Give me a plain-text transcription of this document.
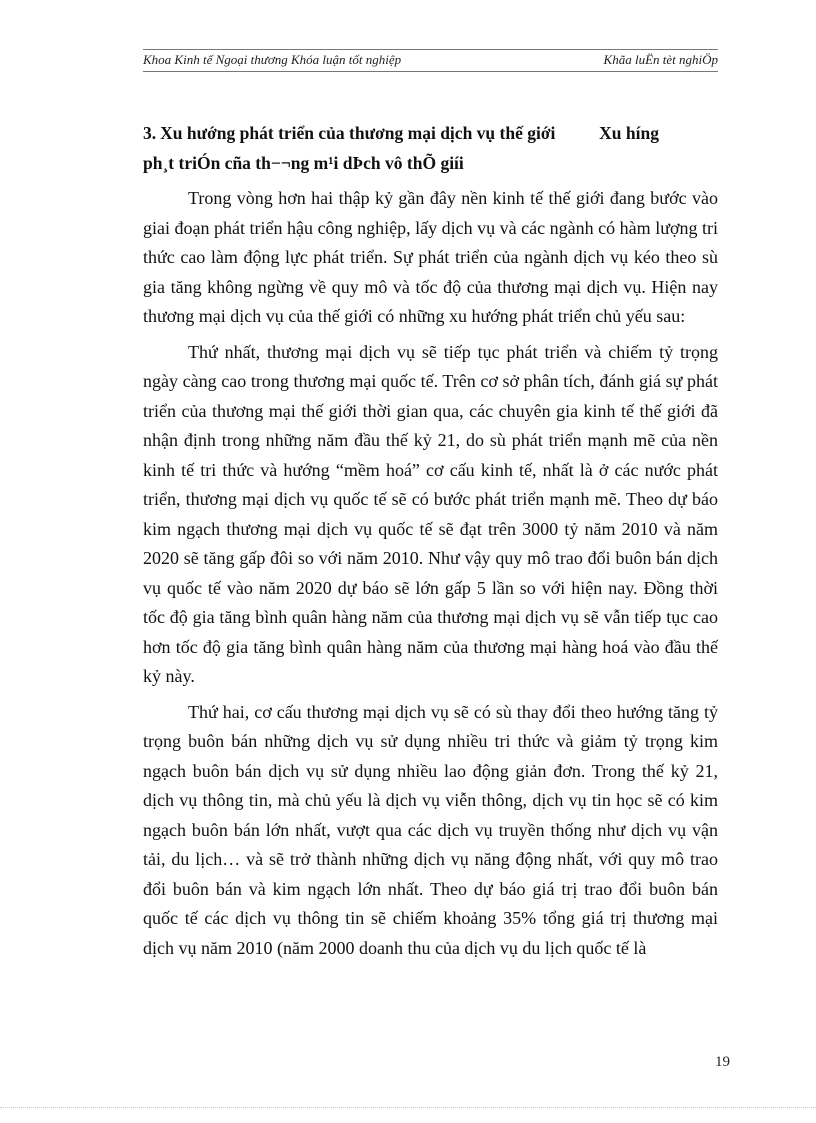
Khoa Kinh tế Ngoại thương Khóa luận tốt nghiệp	Khãa luËn tèt nghiÖp
3. Xu hướng phát triển của thương mại dịch vụ thế giới	Xu híng
ph¸t triÓn cña th−¬ng m¹i dÞch vô thÕ giíi

Trong vòng hơn hai thập kỷ gần đây nền kinh tế thế giới đang bước vào giai đoạn phát triển hậu công nghiệp, lấy dịch vụ và các ngành có hàm lượng tri thức cao làm động lực phát triển. Sự phát triển của ngành dịch vụ kéo theo sù gia tăng không ngừng về quy mô và tốc độ của thương mại dịch vụ. Hiện nay thương mại dịch vụ của thế giới có những xu hướng phát triển chủ yếu sau:

Thứ nhất, thương mại dịch vụ sẽ tiếp tục phát triển và chiếm tỷ trọng ngày càng cao trong thương mại quốc tế. Trên cơ sở phân tích, đánh giá sự phát triển của thương mại thế giới thời gian qua, các chuyên gia kinh tế thế giới đã nhận định trong những năm đầu thế kỷ 21, do sù phát triển mạnh mẽ của nền kinh tế tri thức và hướng “mềm hoá” cơ cấu kinh tế, nhất là ở các nước phát triển, thương mại dịch vụ quốc tế sẽ có bước phát triển mạnh mẽ. Theo dự báo kim ngạch thương mại dịch vụ quốc tế sẽ đạt trên 3000 tỷ năm 2010 và năm 2020 sẽ tăng gấp đôi so với năm 2010. Như vậy quy mô trao đổi buôn bán dịch vụ quốc tế vào năm 2020 dự báo sẽ lớn gấp 5 lần so với hiện nay. Đồng thời tốc độ gia tăng bình quân hàng năm của thương mại dịch vụ sẽ vẫn tiếp tục cao hơn tốc độ gia tăng bình quân hàng năm của thương mại hàng hoá vào đầu thế kỷ này.

Thứ hai, cơ cấu thương mại dịch vụ sẽ có sù thay đổi theo hướng tăng tỷ trọng buôn bán những dịch vụ sử dụng nhiều tri thức và giảm tỷ trọng kim ngạch buôn bán dịch vụ sử dụng nhiều lao động giản đơn. Trong thế kỷ 21, dịch vụ thông tin, mà chủ yếu là dịch vụ viễn thông, dịch vụ tin học sẽ có kim ngạch buôn bán lớn nhất, vượt qua các dịch vụ truyền thống như dịch vụ vận tải, du lịch… và sẽ trở thành những dịch vụ năng động nhất, với quy mô trao đổi buôn bán và kim ngạch lớn nhất. Theo dự báo giá trị trao đổi buôn bán quốc tế các dịch vụ thông tin sẽ chiếm khoảng 35% tổng giá trị thương mại dịch vụ năm 2010 (năm 2000 doanh thu của dịch vụ du lịch quốc tế là

19
